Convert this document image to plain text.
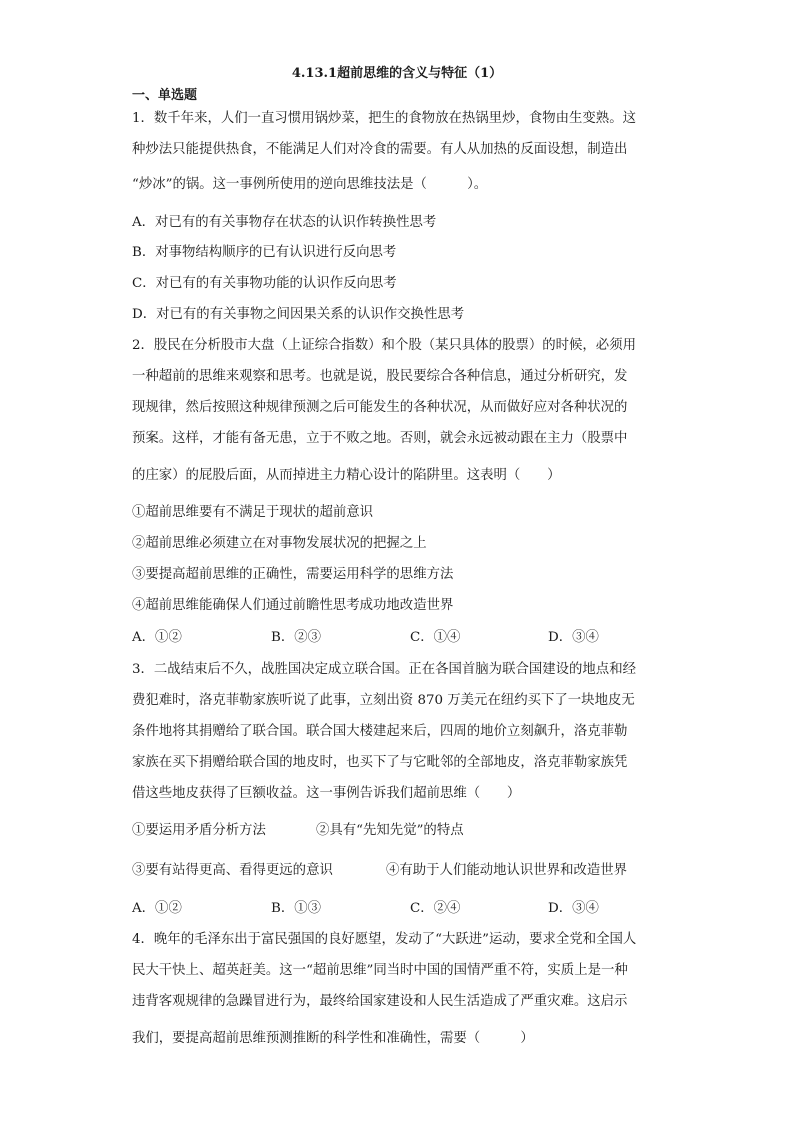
4.13.1超前思维的含义与特征（1）
一、单选题
1．数千年来，人们一直习惯用锅炒菜，把生的食物放在热锅里炒，食物由生变熟。这
种炒法只能提供热食，不能满足人们对冷食的需要。有人从加热的反面设想，制造出
“炒冰”的锅。这一事例所使用的逆向思维技法是（　　　）。
A．对已有的有关事物存在状态的认识作转换性思考
B．对事物结构顺序的已有认识进行反向思考
C．对已有的有关事物功能的认识作反向思考
D．对已有的有关事物之间因果关系的认识作交换性思考
2．股民在分析股市大盘（上证综合指数）和个股（某只具体的股票）的时候，必须用
一种超前的思维来观察和思考。也就是说，股民要综合各种信息，通过分析研究，发
现规律，然后按照这种规律预测之后可能发生的各种状况，从而做好应对各种状况的
预案。这样，才能有备无患，立于不败之地。否则，就会永远被动跟在主力（股票中
的庄家）的屁股后面，从而掉进主力精心设计的陷阱里。这表明（　　）
①超前思维要有不满足于现状的超前意识
②超前思维必须建立在对事物发展状况的把握之上
③要提高超前思维的正确性，需要运用科学的思维方法
④超前思维能确保人们通过前瞻性思考成功地改造世界
A．①②	B．②③	C．①④	D．③④
3．二战结束后不久，战胜国决定成立联合国。正在各国首脑为联合国建设的地点和经
费犯难时，洛克菲勒家族听说了此事，立刻出资 870 万美元在纽约买下了一块地皮无
条件地将其捐赠给了联合国。联合国大楼建起来后，四周的地价立刻飙升，洛克菲勒
家族在买下捐赠给联合国的地皮时，也买下了与它毗邻的全部地皮，洛克菲勒家族凭
借这些地皮获得了巨额收益。这一事例告诉我们超前思维（　　）
①要运用矛盾分析方法	②具有“先知先觉”的特点
③要有站得更高、看得更远的意识	④有助于人们能动地认识世界和改造世界
A．①②	B．①③	C．②④	D．③④
4．晚年的毛泽东出于富民强国的良好愿望，发动了“大跃进”运动，要求全党和全国人
民大干快上、超英赶美。这一“超前思维”同当时中国的国情严重不符，实质上是一种
违背客观规律的急躁冒进行为，最终给国家建设和人民生活造成了严重灾难。这启示
我们，要提高超前思维预测推断的科学性和准确性，需要（　　　）
